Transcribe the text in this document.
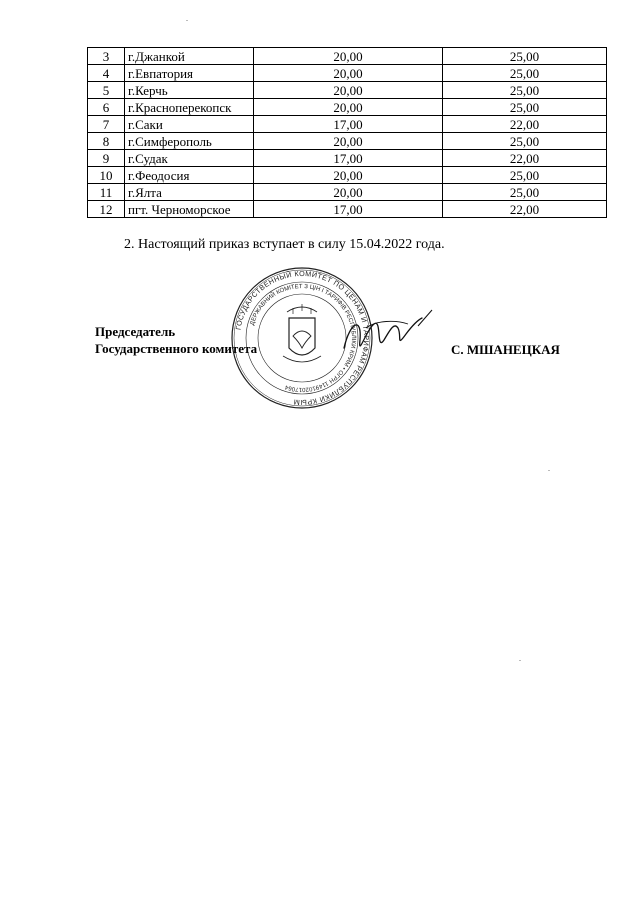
3	г.Джанкой	20,00	25,00
4	г.Евпатория	20,00	25,00
5	г.Керчь	20,00	25,00
6	г.Красноперекопск	20,00	25,00
7	г.Саки	17,00	22,00
8	г.Симферополь	20,00	25,00
9	г.Судак	17,00	22,00
10	г.Феодосия	20,00	25,00
11	г.Ялта	20,00	25,00
12	пгт. Черноморское	17,00	22,00
2. Настоящий приказ вступает в силу 15.04.2022 года.
Председатель
Государственного комитета
ГОСУДАРСТВЕННЫЙ КОМИТЕТ ПО ЦЕНАМ И ТАРИФАМ РЕСПУБЛИКИ КРЫМ
ДЕРЖАВНИЙ КОМІТЕТ З ЦІН І ТАРИФІВ РЕСПУБЛІКИ КРИМ • ОГРН 1149102017064
С. МШАНЕЦКАЯ
